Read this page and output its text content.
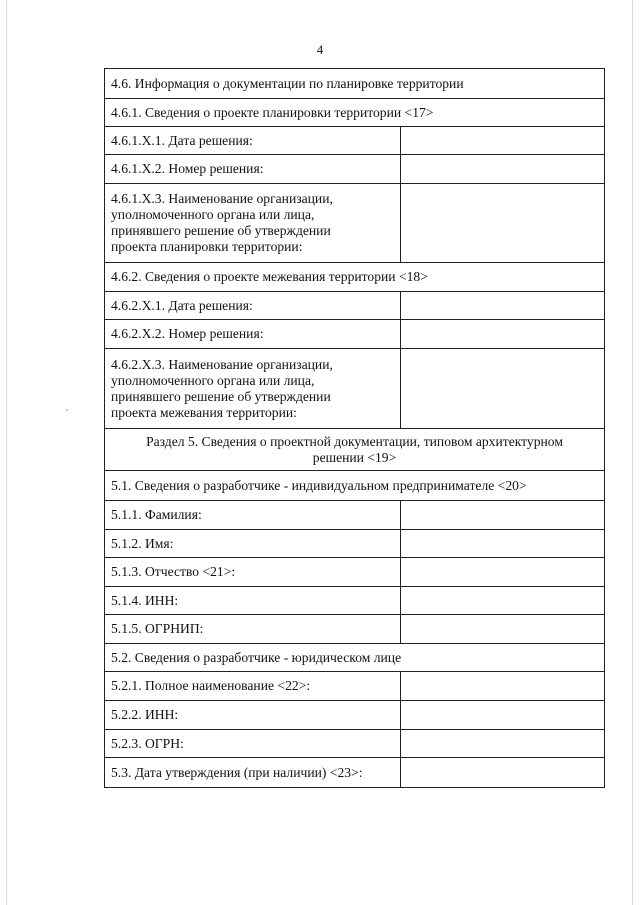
4
4.6. Информация о документации по планировке территории	
4.6.1. Сведения о проекте планировки территории <17>	
4.6.1.Х.1. Дата решения:	
4.6.1.Х.2. Номер решения:	
4.6.1.Х.3. Наименование организации,
уполномоченного органа или лица,
принявшего решение об утверждении
проекта планировки территории:	
4.6.2. Сведения о проекте межевания территории <18>	
4.6.2.Х.1. Дата решения:	
4.6.2.Х.2. Номер решения:	
4.6.2.Х.3. Наименование организации,
уполномоченного органа или лица,
принявшего решение об утверждении
проекта межевания территории:	
Раздел 5. Сведения о проектной документации, типовом архитектурном
решении <19>	
5.1. Сведения о разработчике - индивидуальном предпринимателе <20>	
5.1.1. Фамилия:	
5.1.2. Имя:	
5.1.3. Отчество <21>:	
5.1.4. ИНН:	
5.1.5. ОГРНИП:	
5.2. Сведения о разработчике - юридическом лице	
5.2.1. Полное наименование <22>:	
5.2.2. ИНН:	
5.2.3. ОГРН:	
5.3. Дата утверждения (при наличии) <23>:	
